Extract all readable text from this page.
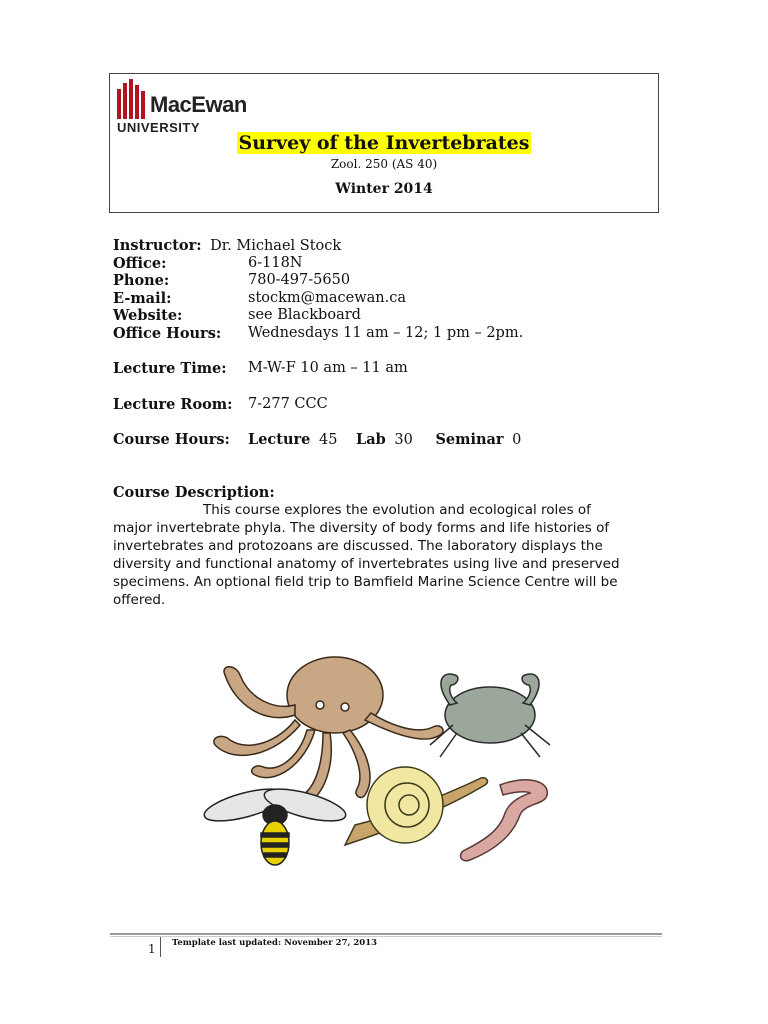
MacEwan
UNIVERSITY
Survey of the Invertebrates
Zool. 250 (AS 40)
Winter 2014
Instructor: Dr. Michael Stock
Office:	6-118N
Phone:	780-497-5650
E-mail:	stockm@macewan.ca
Website:	see Blackboard
Office Hours: Wednesdays 11 am – 12; 1 pm – 2pm.
Lecture Time: M-W-F 10 am – 11 am
Lecture Room: 7-277 CCC
Course Hours: Lecture 45 Lab 30 Seminar 0
Course Description:

This course explores the evolution and ecological roles of major invertebrate phyla. The diversity of body forms and life histories of invertebrates and protozoans are discussed. The laboratory displays the diversity and functional anatomy of invertebrates using live and preserved specimens. An optional field trip to Bamfield Marine Science Centre will be offered.

1 Template last updated: November 27, 2013
